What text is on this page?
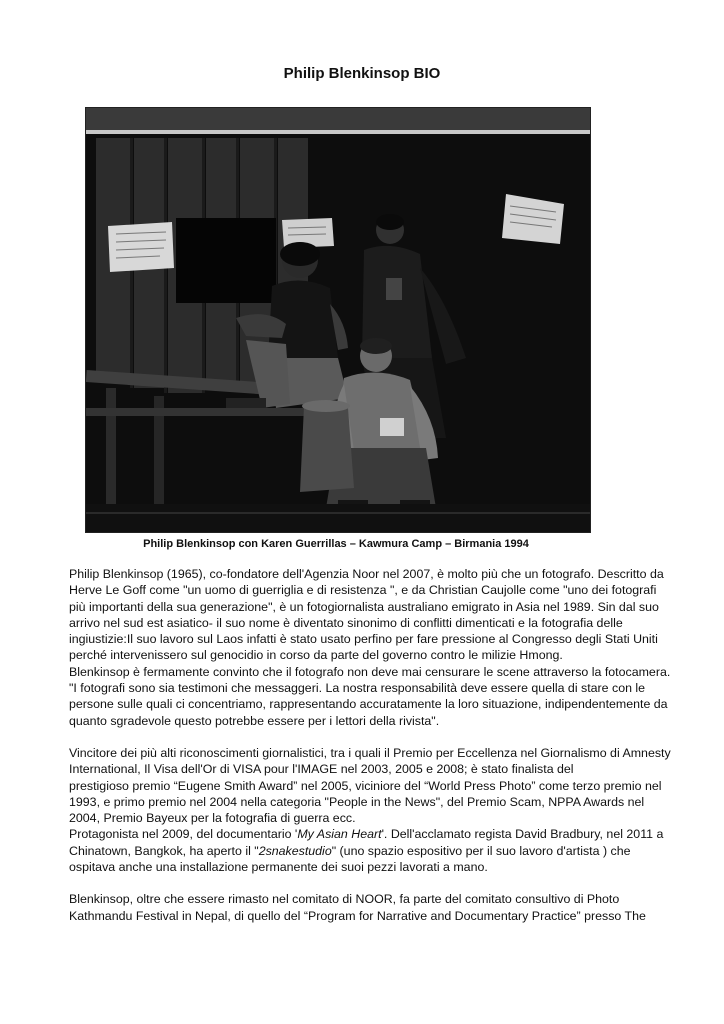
Philip Blenkinsop BIO
Philip Blenkinsop con Karen Guerrillas – Kawmura Camp – Birmania 1994

Philip Blenkinsop (1965), co-fondatore dell'Agenzia Noor nel 2007, è molto più che un fotografo. Descritto da

Herve Le Goff come "un uomo di guerriglia e di resistenza ", e da Christian Caujolle come "uno dei fotografi

più importanti della sua generazione", è un fotogiornalista australiano emigrato in Asia nel 1989. Sin dal suo

arrivo nel sud est asiatico- il suo nome è diventato sinonimo di conflitti dimenticati e la fotografia delle

ingiustizie:Il suo lavoro sul Laos infatti è stato usato perfino per fare pressione al Congresso degli Stati Uniti

perché intervenissero sul genocidio in corso da parte del governo contro le milizie Hmong.

Blenkinsop è fermamente convinto che il fotografo non deve mai censurare le scene attraverso la fotocamera.

"I fotografi sono sia testimoni che messaggeri. La nostra responsabilità deve essere quella di stare con le

persone sulle quali ci concentriamo, rappresentando accuratamente la loro situazione, indipendentemente da

quanto sgradevole questo potrebbe essere per i lettori della rivista".

Vincitore dei più alti riconoscimenti giornalistici, tra i quali il Premio per Eccellenza nel Giornalismo di Amnesty

International, Il Visa dell'Or di VISA pour l'IMAGE nel 2003, 2005 e 2008; è stato finalista del

prestigioso premio “Eugene Smith Award” nel 2005, viciniore del “World Press Photo” come terzo premio nel

1993, e primo premio nel 2004 nella categoria "People in the News", del Premio Scam, NPPA Awards nel

2004, Premio Bayeux per la fotografia di guerra ecc.

Protagonista nel 2009, del documentario 'My Asian Heart'. Dell'acclamato regista David Bradbury, nel 2011 a

Chinatown, Bangkok, ha aperto il "2snakestudio" (uno spazio espositivo per il suo lavoro d'artista ) che

ospitava anche una installazione permanente dei suoi pezzi lavorati a mano.

Blenkinsop, oltre che essere rimasto nel comitato di NOOR, fa parte del comitato consultivo di Photo

Kathmandu Festival in Nepal, di quello del “Program for Narrative and Documentary Practice” presso The
